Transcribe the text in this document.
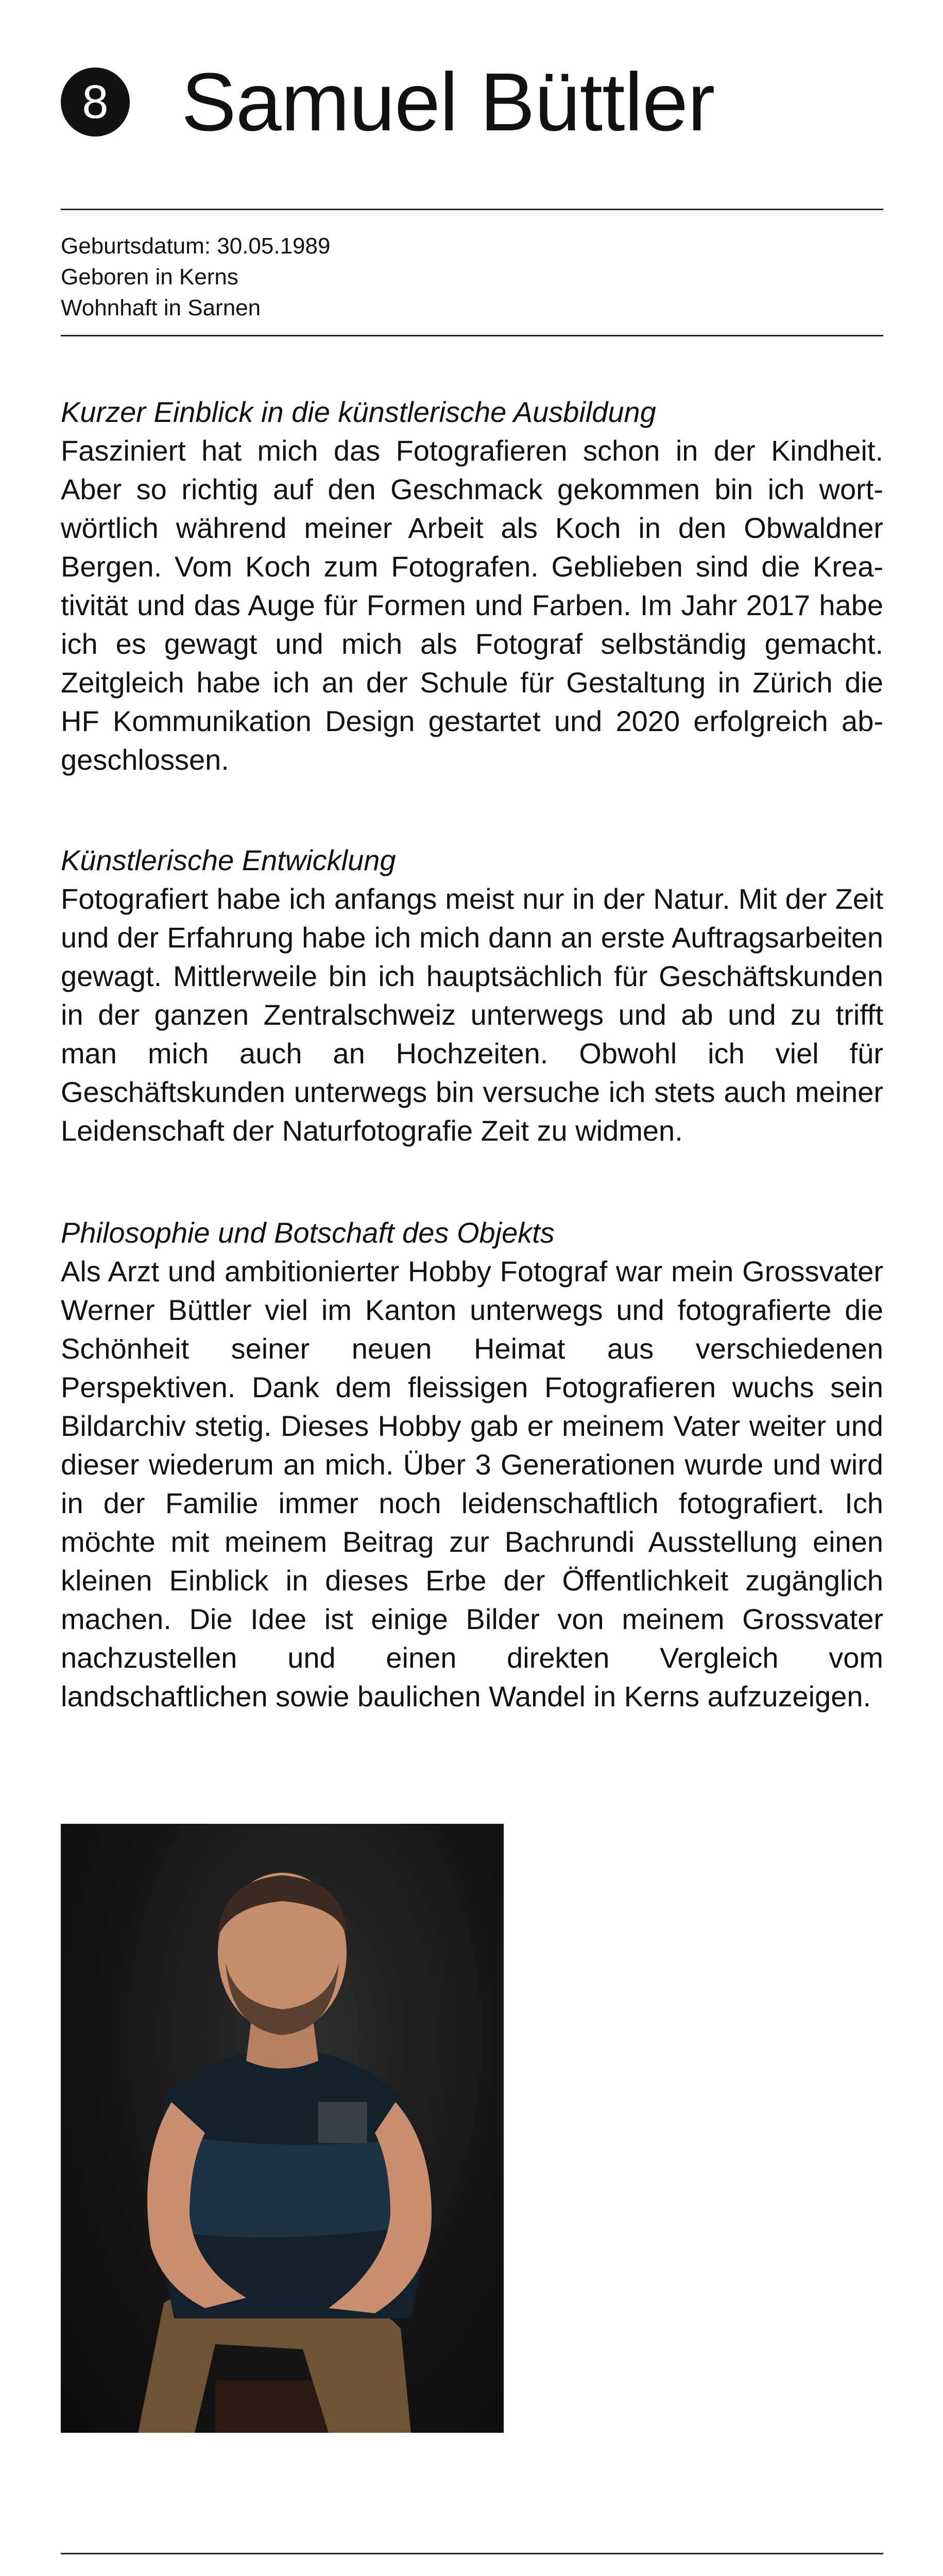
8 Samuel Büttler
Geburtsdatum: 30.05.1989
Geboren in Kerns
Wohnhaft in Sarnen
Kurzer Einblick in die künstlerische Ausbildung
Fasziniert hat mich das Fotografieren schon in der Kindheit. Aber so richtig auf den Geschmack gekommen bin ich wortwörtlich während meiner Arbeit als Koch in den Obwaldner Bergen. Vom Koch zum Fotografen. Geblieben sind die Kreativität und das Auge für Formen und Farben. Im Jahr 2017 habe ich es gewagt und mich als Fotograf selbständig gemacht. Zeitgleich habe ich an der Schule für Gestaltung in Zürich die HF Kommunikation Design gestartet und 2020 erfolgreich abgeschlossen.
Künstlerische Entwicklung
Fotografiert habe ich anfangs meist nur in der Natur. Mit der Zeit und der Erfahrung habe ich mich dann an erste Auftragsarbeiten gewagt. Mittlerweile bin ich hauptsächlich für Geschäftskunden in der ganzen Zentralschweiz unterwegs und ab und zu trifft man mich auch an Hochzeiten. Obwohl ich viel für Geschäftskunden unterwegs bin versuche ich stets auch meiner Leidenschaft der Naturfotografie Zeit zu widmen.
Philosophie und Botschaft des Objekts
Als Arzt und ambitionierter Hobby Fotograf war mein Grossvater Werner Büttler viel im Kanton unterwegs und fotografierte die Schönheit seiner neuen Heimat aus verschiedenen Perspektiven. Dank dem fleissigen Fotografieren wuchs sein Bildarchiv stetig. Dieses Hobby gab er meinem Vater weiter und dieser wiederum an mich. Über 3 Generationen wurde und wird in der Familie immer noch leidenschaftlich fotografiert. Ich möchte mit meinem Beitrag zur Bachrundi Ausstellung einen kleinen Einblick in dieses Erbe der Öffentlichkeit zugänglich machen. Die Idee ist einige Bilder von meinem Grossvater nachzustellen und einen direkten Vergleich vom landschaftlichen sowie baulichen Wandel in Kerns aufzuzeigen.
